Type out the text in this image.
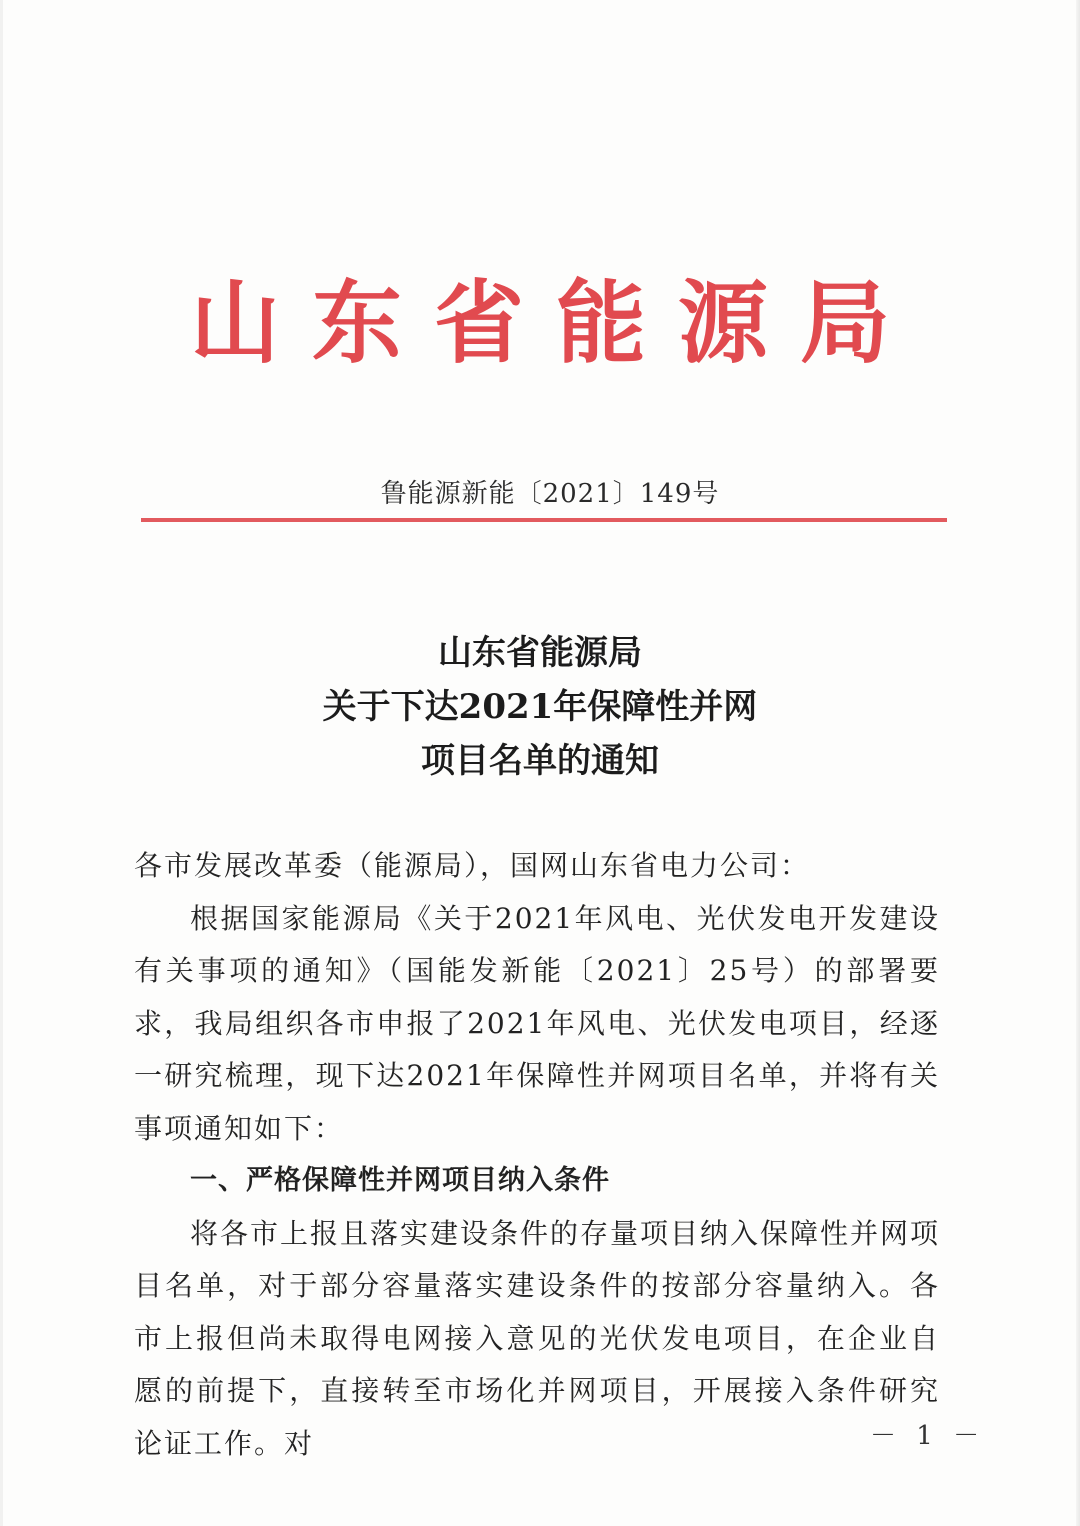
山东省能源局
鲁能源新能〔2021〕149号
山东省能源局
关于下达2021年保障性并网
项目名单的通知

各市发展改革委（能源局），国网山东省电力公司：

根据国家能源局《关于2021年风电、光伏发电开发建设有关事项的通知》（国能发新能〔2021〕25号）的部署要求，我局组织各市申报了2021年风电、光伏发电项目，经逐一研究梳理，现下达2021年保障性并网项目名单，并将有关事项通知如下：

一、严格保障性并网项目纳入条件

将各市上报且落实建设条件的存量项目纳入保障性并网项目名单，对于部分容量落实建设条件的按部分容量纳入。各市上报但尚未取得电网接入意见的光伏发电项目，在企业自愿的前提下，直接转至市场化并网项目，开展接入条件研究论证工作。对	－ 1 －
